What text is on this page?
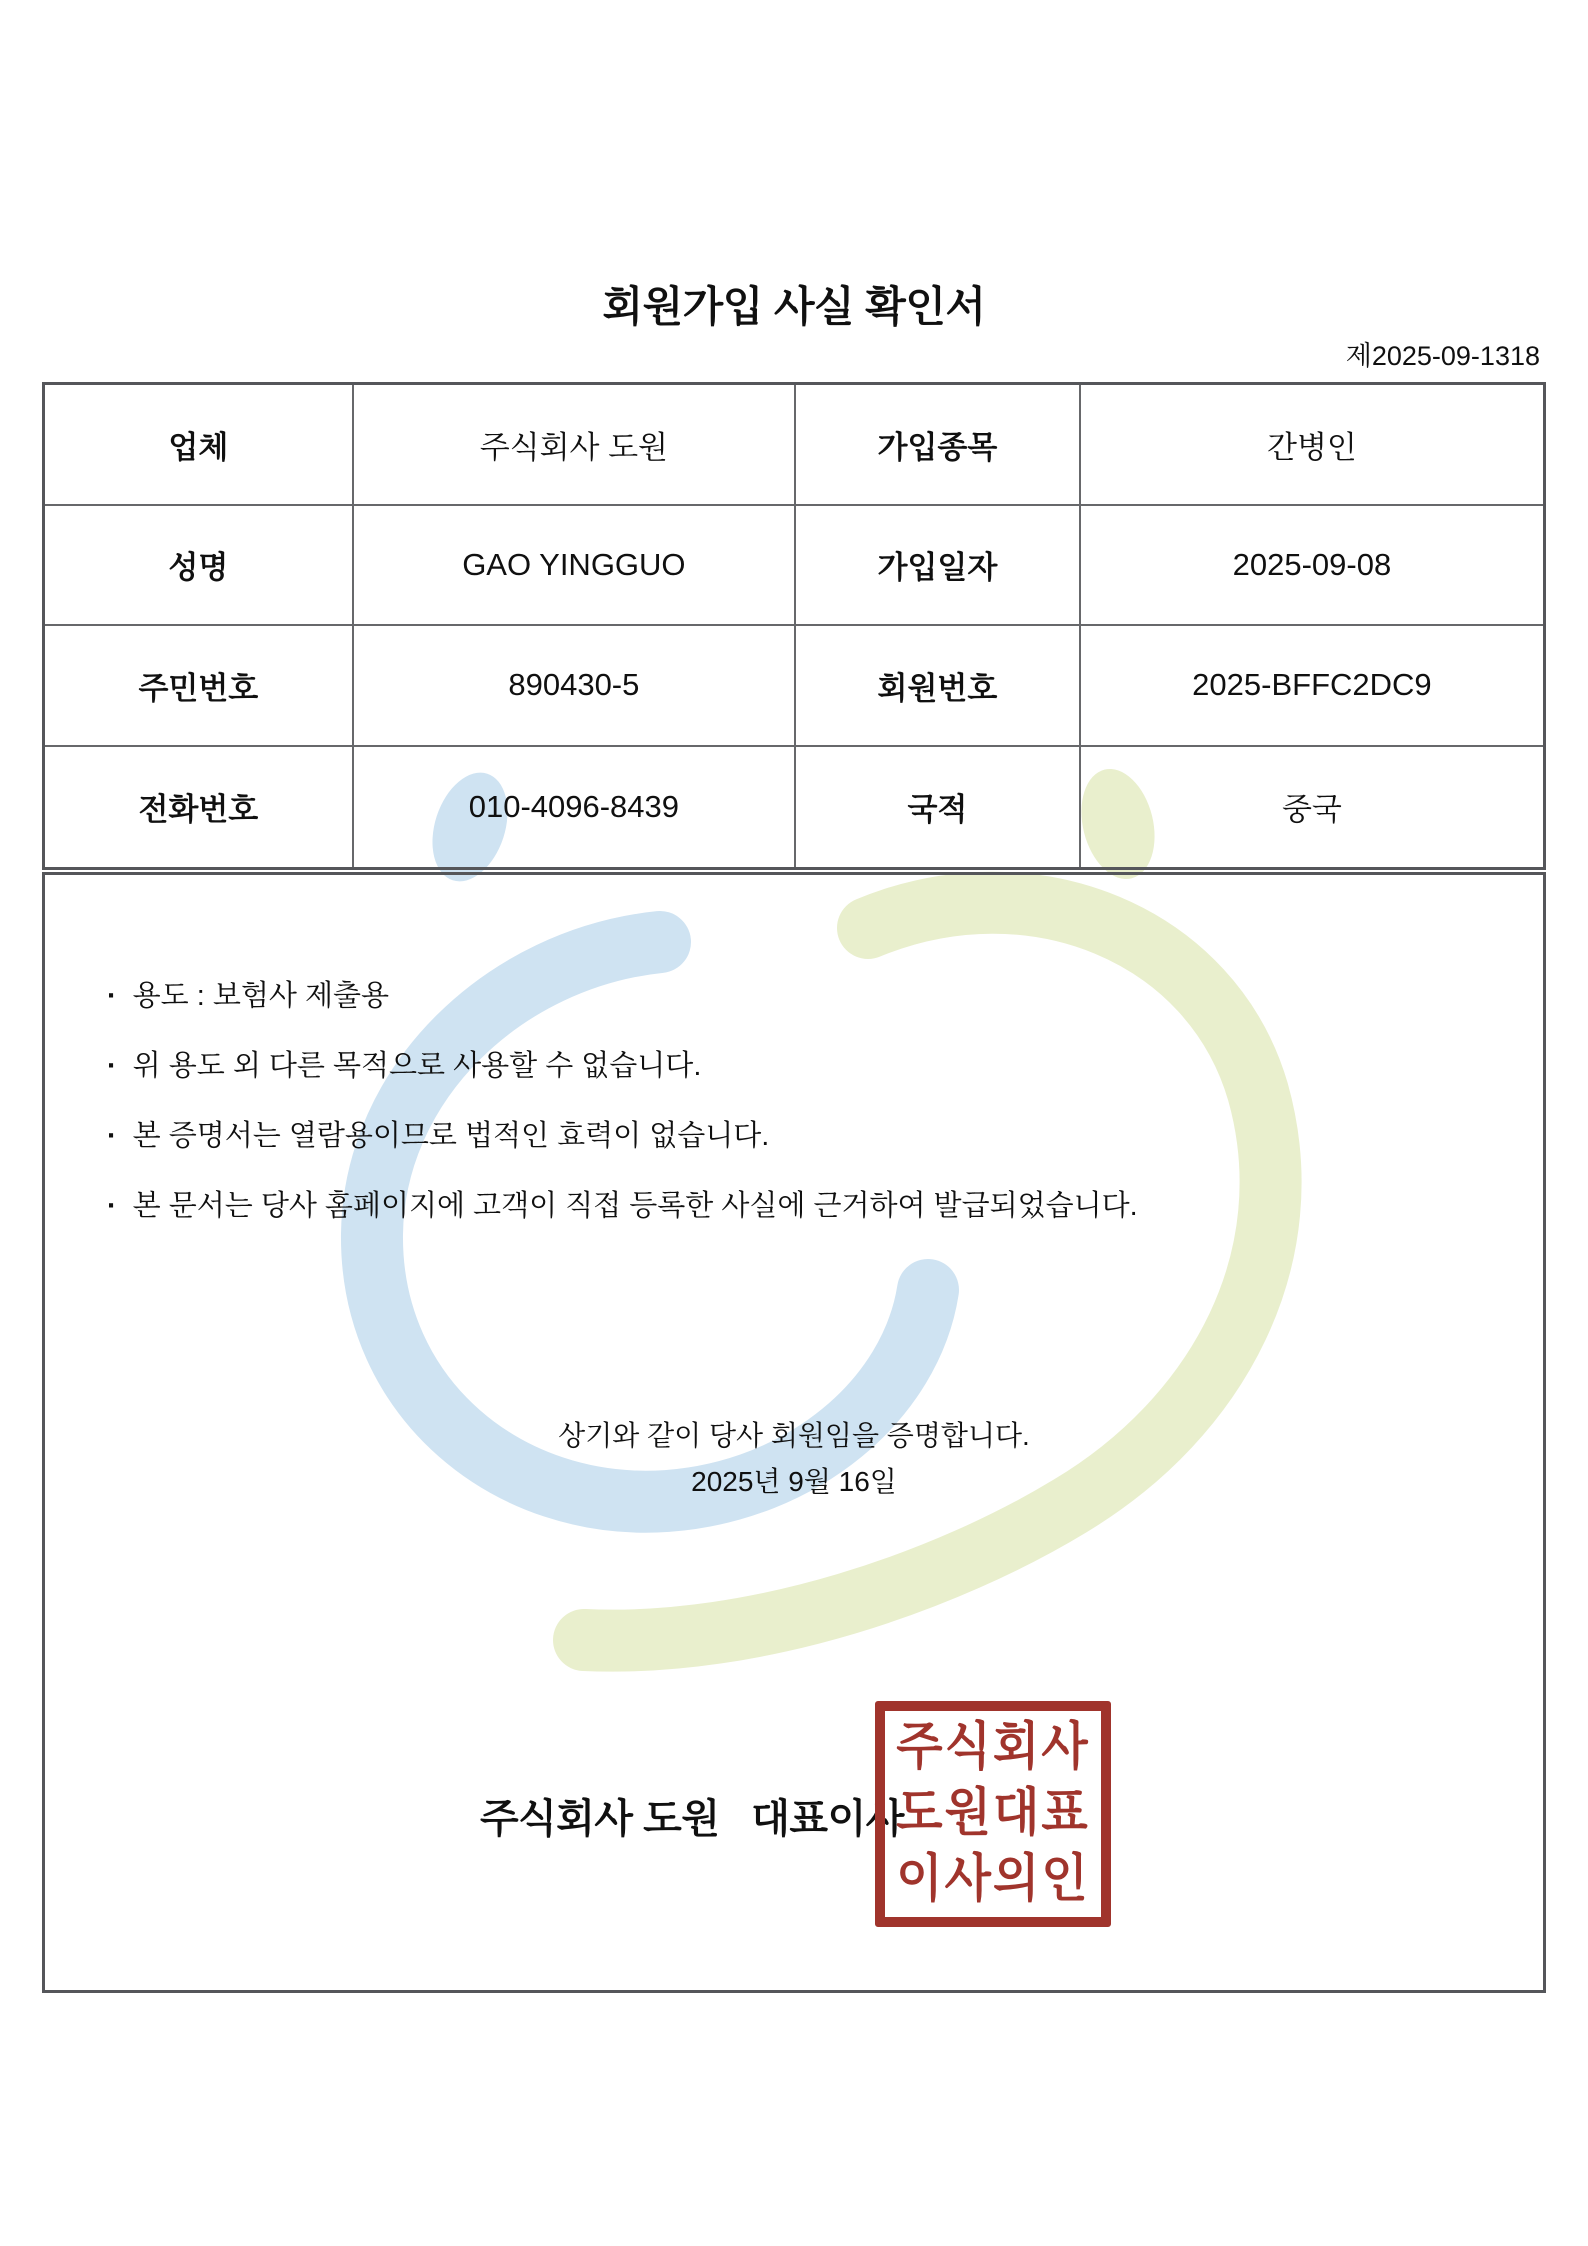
회원가입 사실 확인서
제2025-09-1318
업체	주식회사 도원	가입종목	간병인
성명	GAO YINGGUO	가입일자	2025-09-08
주민번호	890430-5	회원번호	2025-BFFC2DC9
전화번호	010-4096-8439	국적	중국
· 용도 : 보험사 제출용
· 위 용도 외 다른 목적으로 사용할 수 없습니다.
· 본 증명서는 열람용이므로 법적인 효력이 없습니다.
· 본 문서는 당사 홈페이지에 고객이 직접 등록한 사실에 근거하여 발급되었습니다.
상기와 같이 당사 회원임을 증명합니다.
2025년 9월 16일
주식회사 도원   대표이사
주식회사
도원대표
이사의인
